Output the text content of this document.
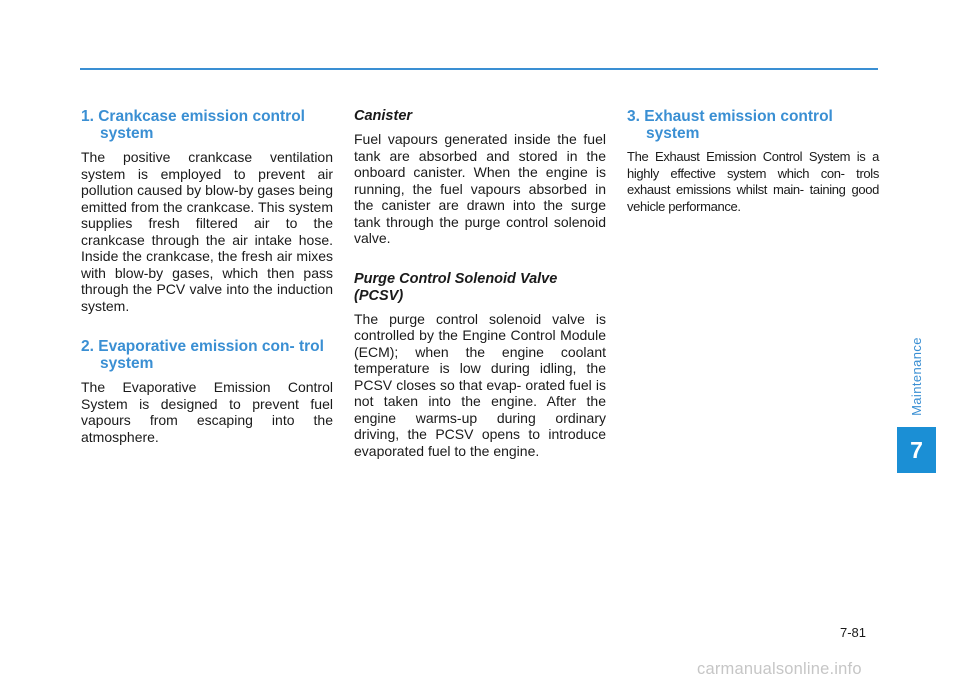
1. Crankcase emission control system

The positive crankcase ventilation system is employed to prevent air pollution caused by blow-by gases being emitted from the crankcase. This system supplies fresh filtered air to the crankcase through the air intake hose. Inside the crankcase, the fresh air mixes with blow-by gases, which then pass through the PCV valve into the induction system.

2. Evaporative emission con- trol system

The Evaporative Emission Control System is designed to prevent fuel vapours from escaping into the atmosphere.

Canister

Fuel vapours generated inside the fuel tank are absorbed and stored in the onboard canister. When the engine is running, the fuel vapours absorbed in the canister are drawn into the surge tank through the purge control solenoid valve.

Purge Control Solenoid Valve (PCSV)

The purge control solenoid valve is controlled by the Engine Control Module (ECM); when the engine coolant temperature is low during idling, the PCSV closes so that evap- orated fuel is not taken into the engine. After the engine warms-up during ordinary driving, the PCSV opens to introduce evaporated fuel to the engine.

3. Exhaust emission control system

The Exhaust Emission Control System is a highly effective system which con- trols exhaust emissions whilst main- taining good vehicle performance.

Maintenance
7
7-81
carmanualsonline.info
